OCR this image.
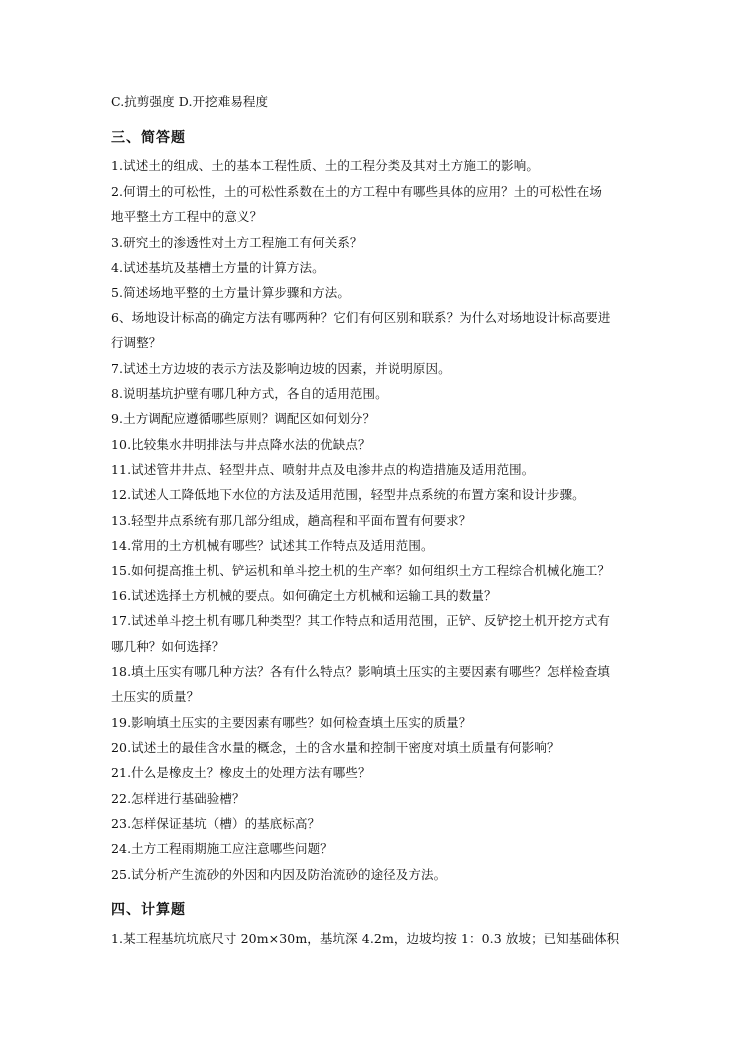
C.抗剪强度 D.开挖难易程度
三、简答题
1.试述土的组成、土的基本工程性质、土的工程分类及其对土方施工的影响。
2.何谓土的可松性，土的可松性系数在土的方工程中有哪些具体的应用？土的可松性在场
地平整土方工程中的意义？
3.研究土的渗透性对土方工程施工有何关系？
4.试述基坑及基槽土方量的计算方法。
5.简述场地平整的土方量计算步骤和方法。
6、场地设计标高的确定方法有哪两种？它们有何区别和联系？为什么对场地设计标高要进
行调整？
7.试述土方边坡的表示方法及影响边坡的因素，并说明原因。
8.说明基坑护壁有哪几种方式，各自的适用范围。
9.土方调配应遵循哪些原则？调配区如何划分？
10.比较集水井明排法与井点降水法的优缺点？
11.试述管井井点、轻型井点、喷射井点及电渗井点的构造措施及适用范围。
12.试述人工降低地下水位的方法及适用范围，轻型井点系统的布置方案和设计步骤。
13.轻型井点系统有那几部分组成，趟高程和平面布置有何要求？
14.常用的土方机械有哪些？试述其工作特点及适用范围。
15.如何提高推土机、铲运机和单斗挖土机的生产率？如何组织土方工程综合机械化施工？
16.试述选择土方机械的要点。如何确定土方机械和运输工具的数量？
17.试述单斗挖土机有哪几种类型？其工作特点和适用范围，正铲、反铲挖土机开挖方式有
哪几种？如何选择？
18.填土压实有哪几种方法？各有什么特点？影响填土压实的主要因素有哪些？怎样检查填
土压实的质量？
19.影响填土压实的主要因素有哪些？如何检查填土压实的质量？
20.试述土的最佳含水量的概念，土的含水量和控制干密度对填土质量有何影响？
21.什么是橡皮土？橡皮土的处理方法有哪些？
22.怎样进行基础验槽？
23.怎样保证基坑（槽）的基底标高？
24.土方工程雨期施工应注意哪些问题？
25.试分析产生流砂的外因和内因及防治流砂的途径及方法。
四、计算题
1.某工程基坑坑底尺寸 20m×30m，基坑深 4.2m，边坡均按 1：0.3 放坡；已知基础体积
